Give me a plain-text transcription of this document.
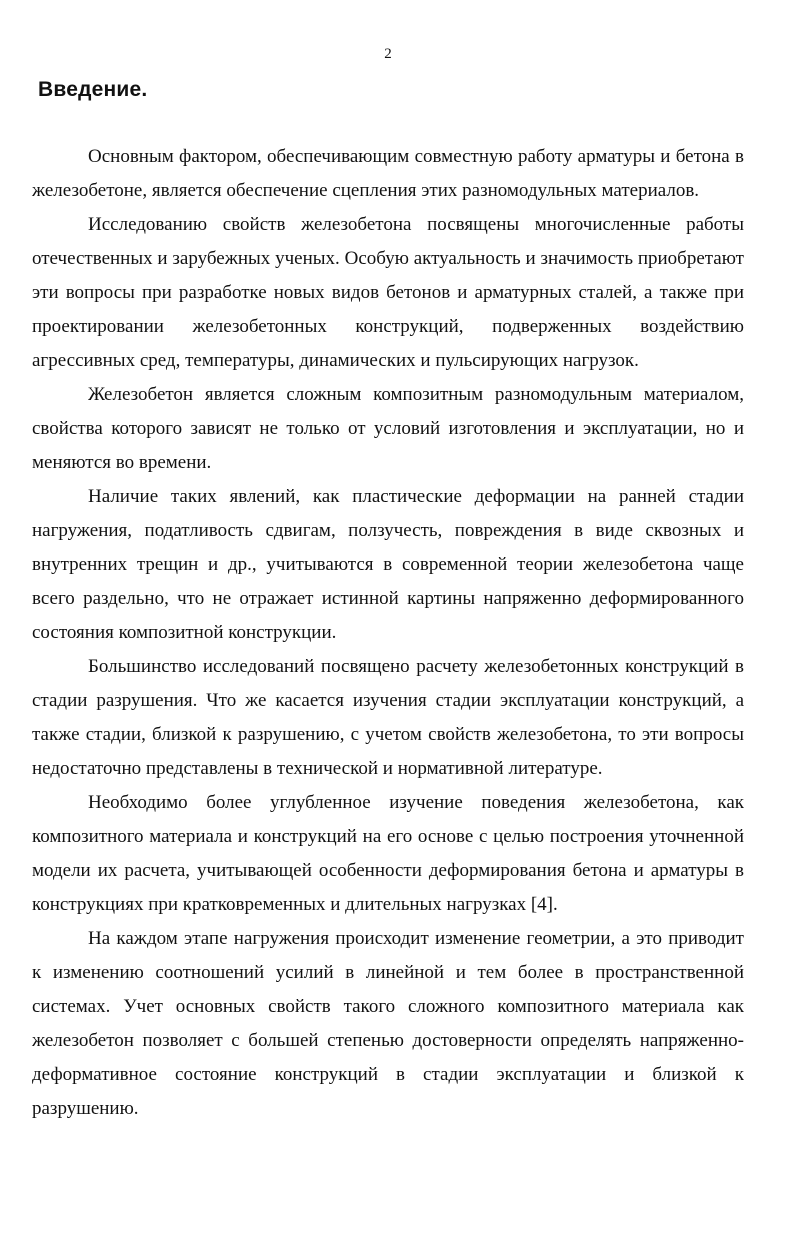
2
Введение.

Основным фактором, обеспечивающим совместную работу арматуры и бетона в железобетоне, является обеспечение сцепления этих разномодульных материалов.

Исследованию свойств железобетона посвящены многочисленные работы отечественных и зарубежных ученых. Особую актуальность и значимость приобретают эти вопросы при разработке новых видов бетонов и арматурных сталей, а также при проектировании железобетонных конструкций, подверженных воздействию агрессивных сред, температуры, динамических и пульсирующих нагрузок.

Железобетон является сложным композитным разномодульным материалом, свойства которого зависят не только от условий изготовления и эксплуатации, но и меняются во времени.

Наличие таких явлений, как пластические деформации на ранней стадии нагружения, податливость сдвигам, ползучесть, повреждения в виде сквозных и внутренних трещин и др., учитываются в современной теории железобетона чаще всего раздельно, что не отражает истинной картины напряженно деформированного состояния композитной конструкции.

Большинство исследований посвящено расчету железобетонных конструкций в стадии разрушения. Что же касается изучения стадии эксплуатации конструкций, а также стадии, близкой к разрушению, с учетом свойств железобетона, то эти вопросы недостаточно представлены в технической и нормативной литературе.

Необходимо более углубленное изучение поведения железобетона, как композитного материала и конструкций на его основе с целью построения уточненной модели их расчета, учитывающей особенности деформирования бетона и арматуры в конструкциях при кратковременных и длительных нагрузках [4].

На каждом этапе нагружения происходит изменение геометрии, а это приводит к изменению соотношений усилий в линейной и тем более в пространственной системах. Учет основных свойств такого сложного композитного материала как железобетон позволяет с большей степенью достоверности определять напряженно-деформативное состояние конструкций в стадии эксплуатации и близкой к разрушению.
